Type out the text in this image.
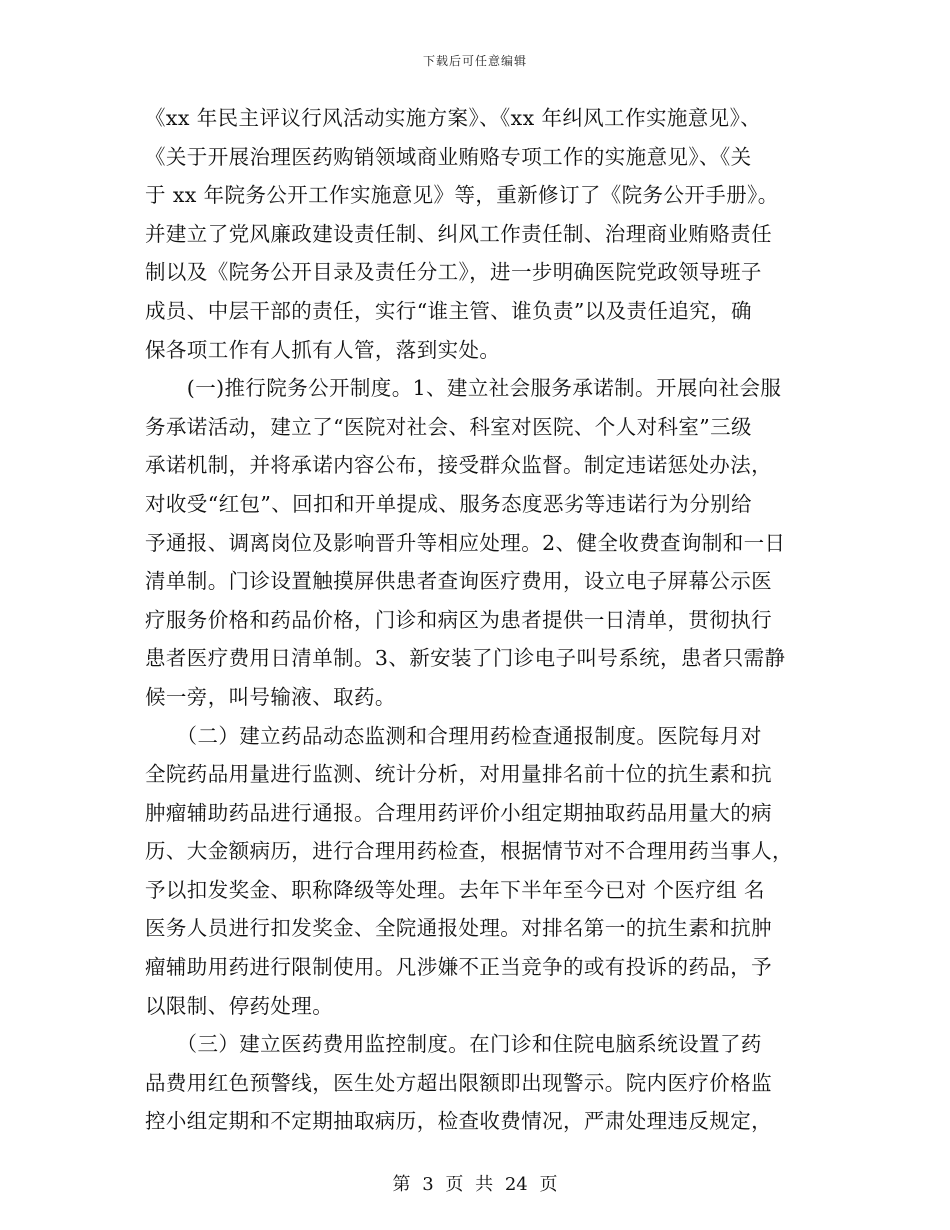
下载后可任意编辑
《xx 年民主评议行风活动实施方案》、《xx 年纠风工作实施意见》、
《关于开展治理医药购销领域商业贿赂专项工作的实施意见》、《关
于 xx 年院务公开工作实施意见》等，重新修订了《院务公开手册》。
并建立了党风廉政建设责任制、纠风工作责任制、治理商业贿赂责任
制以及《院务公开目录及责任分工》，进一步明确医院党政领导班子
成员、中层干部的责任，实行“谁主管、谁负责”以及责任追究，确
保各项工作有人抓有人管，落到实处。
　　(一)推行院务公开制度。1、建立社会服务承诺制。开展向社会服
务承诺活动，建立了“医院对社会、科室对医院、个人对科室”三级
承诺机制，并将承诺内容公布，接受群众监督。制定违诺惩处办法，
对收受“红包”、回扣和开单提成、服务态度恶劣等违诺行为分别给
予通报、调离岗位及影响晋升等相应处理。2、健全收费查询制和一日
清单制。门诊设置触摸屏供患者查询医疗费用，设立电子屏幕公示医
疗服务价格和药品价格，门诊和病区为患者提供一日清单，贯彻执行
患者医疗费用日清单制。3、新安装了门诊电子叫号系统，患者只需静
候一旁，叫号输液、取药。
　　（二）建立药品动态监测和合理用药检查通报制度。医院每月对
全院药品用量进行监测、统计分析，对用量排名前十位的抗生素和抗
肿瘤辅助药品进行通报。合理用药评价小组定期抽取药品用量大的病
历、大金额病历，进行合理用药检查，根据情节对不合理用药当事人，
予以扣发奖金、职称降级等处理。去年下半年至今已对 个医疗组 名
医务人员进行扣发奖金、全院通报处理。对排名第一的抗生素和抗肿
瘤辅助用药进行限制使用。凡涉嫌不正当竞争的或有投诉的药品，予
以限制、停药处理。
　　（三）建立医药费用监控制度。在门诊和住院电脑系统设置了药
品费用红色预警线，医生处方超出限额即出现警示。院内医疗价格监
控小组定期和不定期抽取病历，检查收费情况，严肃处理违反规定，
第 3 页 共 24 页
